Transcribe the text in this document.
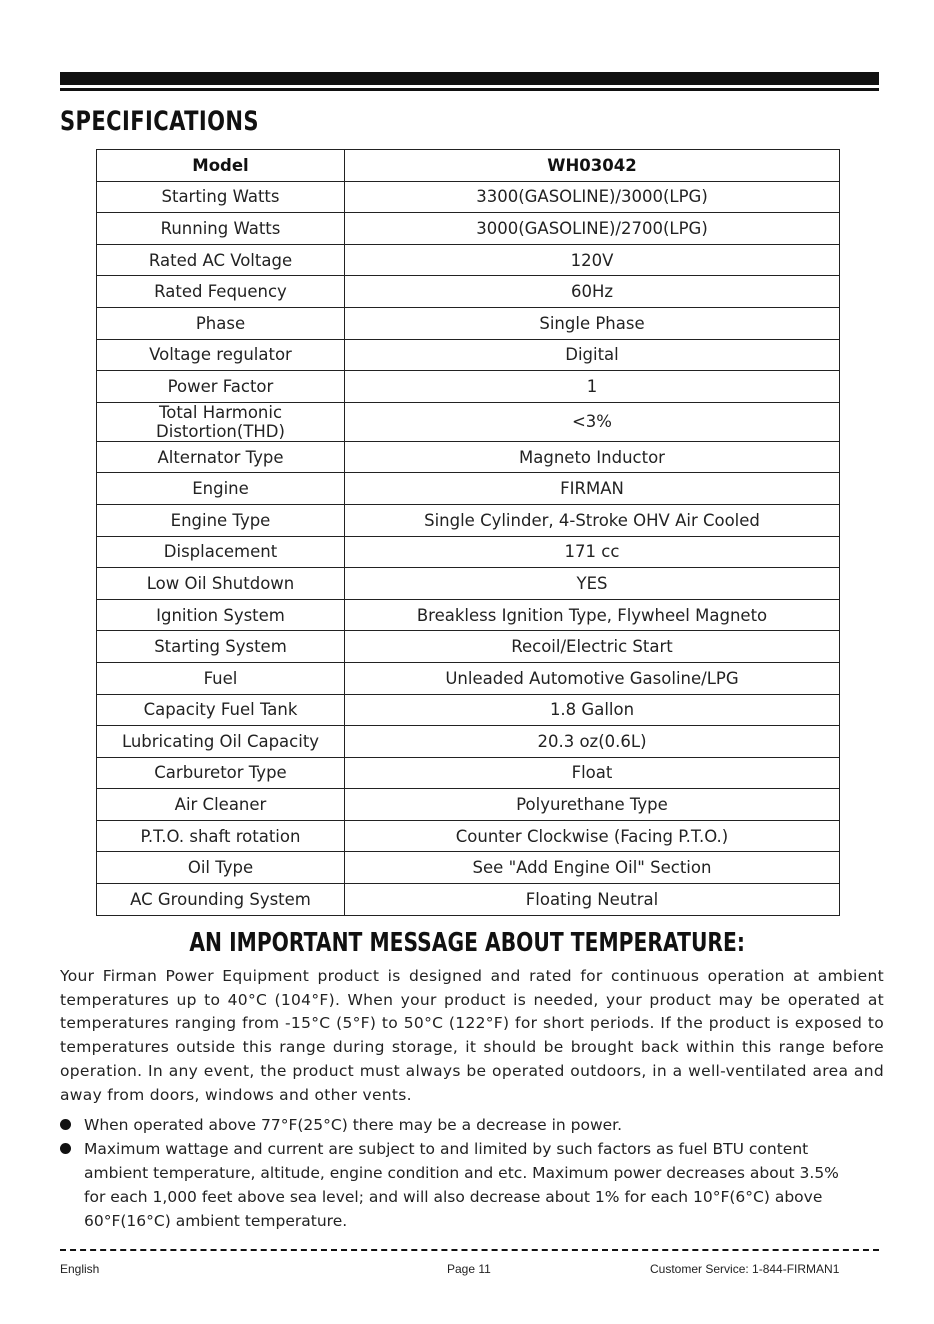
SPECIFICATIONS
Model	WH03042
Starting Watts	3300(GASOLINE)/3000(LPG)
Running Watts	3000(GASOLINE)/2700(LPG)
Rated AC Voltage	120V
Rated Fequency	60Hz
Phase	Single Phase
Voltage regulator	Digital
Power Factor	1
Total Harmonic Distortion(THD)	<3%
Alternator Type	Magneto Inductor
Engine	FIRMAN
Engine Type	Single Cylinder, 4-Stroke OHV Air Cooled
Displacement	171 cc
Low Oil Shutdown	YES
Ignition System	Breakless Ignition Type, Flywheel Magneto
Starting System	Recoil/Electric Start
Fuel	Unleaded Automotive Gasoline/LPG
Capacity Fuel Tank	1.8 Gallon
Lubricating Oil Capacity	20.3 oz(0.6L)
Carburetor Type	Float
Air Cleaner	Polyurethane Type
P.T.O. shaft rotation	Counter Clockwise (Facing P.T.O.)
Oil Type	See "Add Engine Oil" Section
AC Grounding System	Floating Neutral
AN IMPORTANT MESSAGE ABOUT TEMPERATURE:
Your Firman Power Equipment product is designed and rated for continuous operation at ambient temperatures up to 40°C (104°F). When your product is needed, your product may be operated at temperatures ranging from -15°C (5°F) to 50°C (122°F) for short periods. If the product is exposed to temperatures outside this range during storage, it should be brought back within this range before operation. In any event, the product must always be operated outdoors, in a well-ventilated area and away from doors, windows and other vents.
When operated above 77°F(25°C) there may be a decrease in power.
Maximum wattage and current are subject to and limited by such factors as fuel BTU content ambient temperature, altitude, engine condition and etc. Maximum power decreases about 3.5% for each 1,000 feet above sea level; and will also decrease about 1% for each 10°F(6°C) above 60°F(16°C) ambient temperature.
English	Page 11	Customer Service: 1-844-FIRMAN1
